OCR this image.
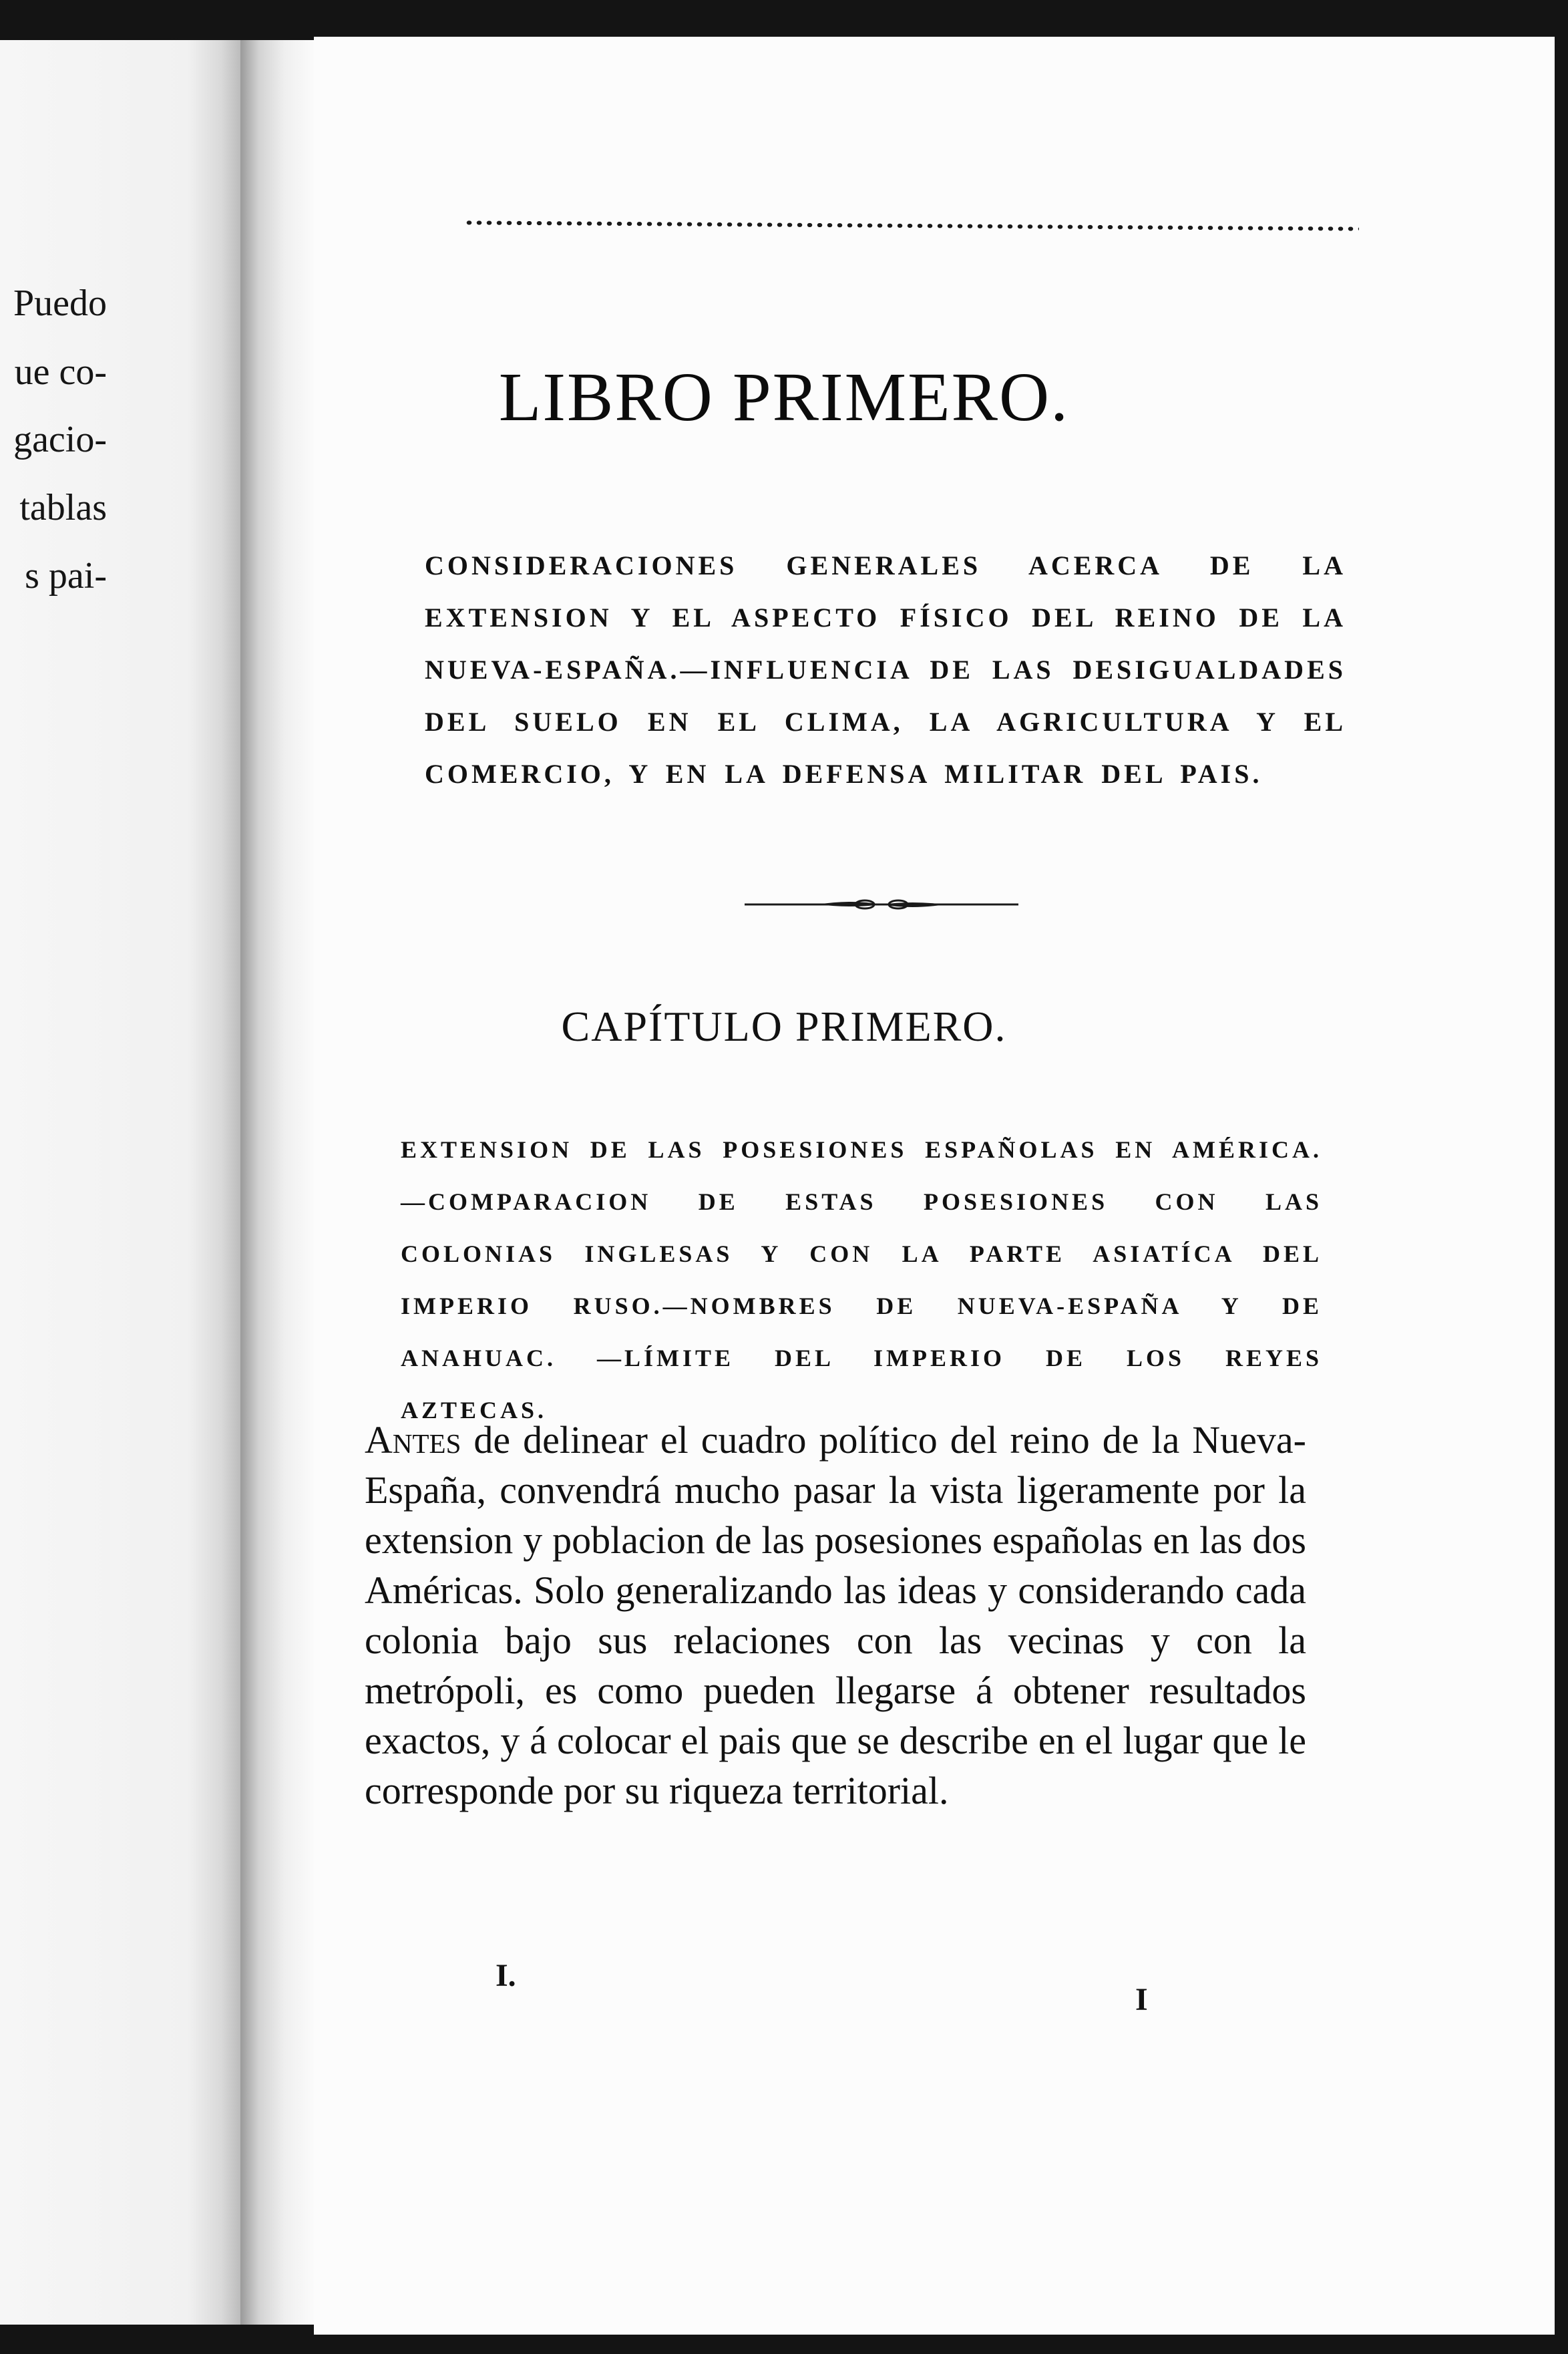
Puedo
ue co-
gacio-
tablas
s pai-
LIBRO PRIMERO.
CONSIDERACIONES GENERALES ACERCA DE LA EXTENSION Y EL ASPECTO FÍSICO DEL REINO DE LA NUEVA-ESPAÑA.—INFLUENCIA DE LAS DESIGUALDADES DEL SUELO EN EL CLIMA, LA AGRICULTURA Y EL COMERCIO, Y EN LA DEFENSA MILITAR DEL PAIS.
CAPÍTULO PRIMERO.
EXTENSION DE LAS POSESIONES ESPAÑOLAS EN AMÉRICA. —COMPARACION DE ESTAS POSESIONES CON LAS COLONIAS INGLESAS Y CON LA PARTE ASIATÍCA DEL IMPERIO RUSO.—NOMBRES DE NUEVA-ESPAÑA Y DE ANAHUAC. —LÍMITE DEL IMPERIO DE LOS REYES AZTECAS.
Antes de delinear el cuadro político del reino de la Nueva-España, convendrá mucho pasar la vista ligeramente por la extension y poblacion de las posesiones españolas en las dos Américas. Solo generalizando las ideas y considerando cada colonia bajo sus relaciones con las vecinas y con la metrópoli, es como pueden llegarse á obtener resultados exactos, y á colocar el pais que se describe en el lugar que le corresponde por su riqueza territorial.
I.
I
